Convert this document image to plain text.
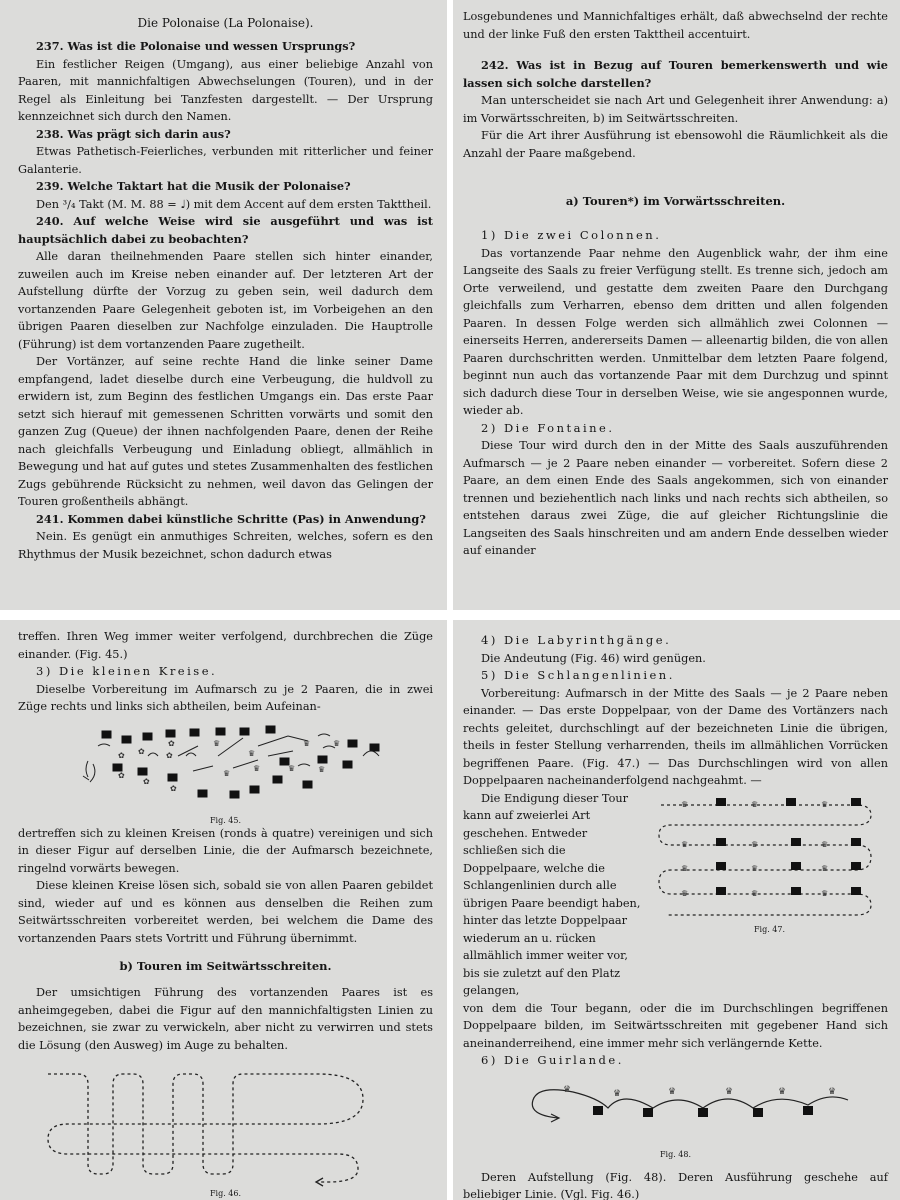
Die Polonaise (La Polonaise).

237. Was ist die Polonaise und wessen Ursprungs?

Ein festlicher Reigen (Umgang), aus einer beliebige Anzahl von Paaren, mit mannichfaltigen Abwechselungen (Touren), und in der Regel als Einleitung bei Tanzfesten dargestellt. — Der Ursprung kennzeichnet sich durch den Namen.

238. Was prägt sich darin aus?

Etwas Pathetisch-Feierliches, verbunden mit ritterlicher und feiner Galanterie.

239. Welche Taktart hat die Musik der Polonaise?

Den ³/₄ Takt (M. M. 88 = ♩) mit dem Accent auf dem ersten Takttheil.

240. Auf welche Weise wird sie ausgeführt und was ist hauptsächlich dabei zu beobachten?

Alle daran theilnehmenden Paare stellen sich hinter einander, zuweilen auch im Kreise neben einander auf. Der letzteren Art der Aufstellung dürfte der Vorzug zu geben sein, weil dadurch dem vortanzenden Paare Gelegenheit geboten ist, im Vorbeigehen an den übrigen Paaren dieselben zur Nachfolge einzuladen. Die Hauptrolle (Führung) ist dem vortanzenden Paare zugetheilt.

Der Vortänzer, auf seine rechte Hand die linke seiner Dame empfangend, ladet dieselbe durch eine Verbeugung, die huldvoll zu erwidern ist, zum Beginn des festlichen Umgangs ein. Das erste Paar setzt sich hierauf mit gemessenen Schritten vorwärts und somit den ganzen Zug (Queue) der ihnen nachfolgenden Paare, denen der Reihe nach gleichfalls Verbeugung und Einladung obliegt, allmählich in Bewegung und hat auf gutes und stetes Zusammenhalten des festlichen Zugs gebührende Rücksicht zu nehmen, weil davon das Gelingen der Touren großentheils abhängt.

241. Kommen dabei künstliche Schritte (Pas) in Anwendung?

Nein. Es genügt ein anmuthiges Schreiten, welches, sofern es den Rhythmus der Musik bezeichnet, schon dadurch etwas

Losgebundenes und Mannichfaltiges erhält, daß abwechselnd der rechte und der linke Fuß den ersten Takttheil accentuirt.

242. Was ist in Bezug auf Touren bemerkenswerth und wie lassen sich solche darstellen?

Man unterscheidet sie nach Art und Gelegenheit ihrer Anwendung: a) im Vorwärtsschreiten, b) im Seitwärtsschreiten.

Für die Art ihrer Ausführung ist ebensowohl die Räumlichkeit als die Anzahl der Paare maßgebend.

a) Touren*) im Vorwärtsschreiten.

1) Die zwei Colonnen.

Das vortanzende Paar nehme den Augenblick wahr, der ihm eine Langseite des Saals zu freier Verfügung stellt. Es trenne sich, jedoch am Orte verweilend, und gestatte dem zweiten Paare den Durchgang gleichfalls zum Verharren, ebenso dem dritten und allen folgenden Paaren. In dessen Folge werden sich allmählich zwei Colonnen — einerseits Herren, andererseits Damen — alleenartig bilden, die von allen Paaren durchschritten werden. Unmittelbar dem letzten Paare folgend, beginnt nun auch das vortanzende Paar mit dem Durchzug und spinnt sich dadurch diese Tour in derselben Weise, wie sie angesponnen wurde, wieder ab.

2) Die Fontaine.

Diese Tour wird durch den in der Mitte des Saals auszuführenden Aufmarsch — je 2 Paare neben einander — vorbereitet. Sofern diese 2 Paare, an dem einen Ende des Saals angekommen, sich von einander trennen und beziehentlich nach links und nach rechts sich abtheilen, so entstehen daraus zwei Züge, die auf gleicher Richtungslinie die Langseiten des Saals hinschreiten und am andern Ende desselben wieder auf einander

treffen. Ihren Weg immer weiter verfolgend, durchbrechen die Züge einander. (Fig. 45.)

3) Die kleinen Kreise.

Dieselbe Vorbereitung im Aufmarsch zu je 2 Paaren, die in zwei Züge rechts und links sich abtheilen, beim Aufeinan-

✿	✿
✿
✿
♛
♛
♛
♛	♛
♛	♛
♛
✿
✿
✿

Fig. 45.

dertreffen sich zu kleinen Kreisen (ronds à quatre) vereinigen und sich in dieser Figur auf derselben Linie, die der Aufmarsch bezeichnete, ringelnd vorwärts bewegen.

Diese kleinen Kreise lösen sich, sobald sie von allen Paaren gebildet sind, wieder auf und es können aus denselben die Reihen zum Seitwärtsschreiten vorbereitet werden, bei welchem die Dame des vortanzenden Paars stets Vortritt und Führung übernimmt.

b) Touren im Seitwärtsschreiten.

Der umsichtigen Führung des vortanzenden Paares ist es anheimgegeben, dabei die Figur auf den mannichfaltigsten Linien zu bezeichnen, sie zwar zu verwickeln, aber nicht zu verwirren und stets die Lösung (den Ausweg) im Auge zu behalten.

Fig. 46.

4) Die Labyrinthgänge.

Die Andeutung (Fig. 46) wird genügen.

5) Die Schlangenlinien.

Vorbereitung: Aufmarsch in der Mitte des Saals — je 2 Paare neben einander. — Das erste Doppelpaar, von der Dame des Vortänzers nach rechts geleitet, durchschlingt auf der bezeichneten Linie die übrigen, theils in fester Stellung verharrenden, theils im allmählichen Vorrücken begriffenen Paare. (Fig. 47.) — Das Durchschlingen wird von allen Doppelpaaren nacheinanderfolgend nachgeahmt. —

Die Endigung dieser Tour kann auf zweierlei Art geschehen. Entweder schließen sich die Doppelpaare, welche die Schlangenlinien durch alle übrigen Paare beendigt haben, hinter das letzte Doppelpaar wiederum an u. rücken allmählich immer weiter vor, bis sie zuletzt auf den Platz gelangen,

♛	♛	♛
♛	♛	♛
♛	♛	♛
♛	♛	♛

Fig. 47.

von dem die Tour begann, oder die im Durchschlingen begriffenen Doppelpaare bilden, im Seitwärtsschreiten mit gegebener Hand sich aneinanderreihend, eine immer mehr sich verlängernde Kette.

6) Die Guirlande.

♛	♛	♛	♛	♛	♛

Fig. 48.

Deren Aufstellung (Fig. 48). Deren Ausführung geschehe auf beliebiger Linie. (Vgl. Fig. 46.)
